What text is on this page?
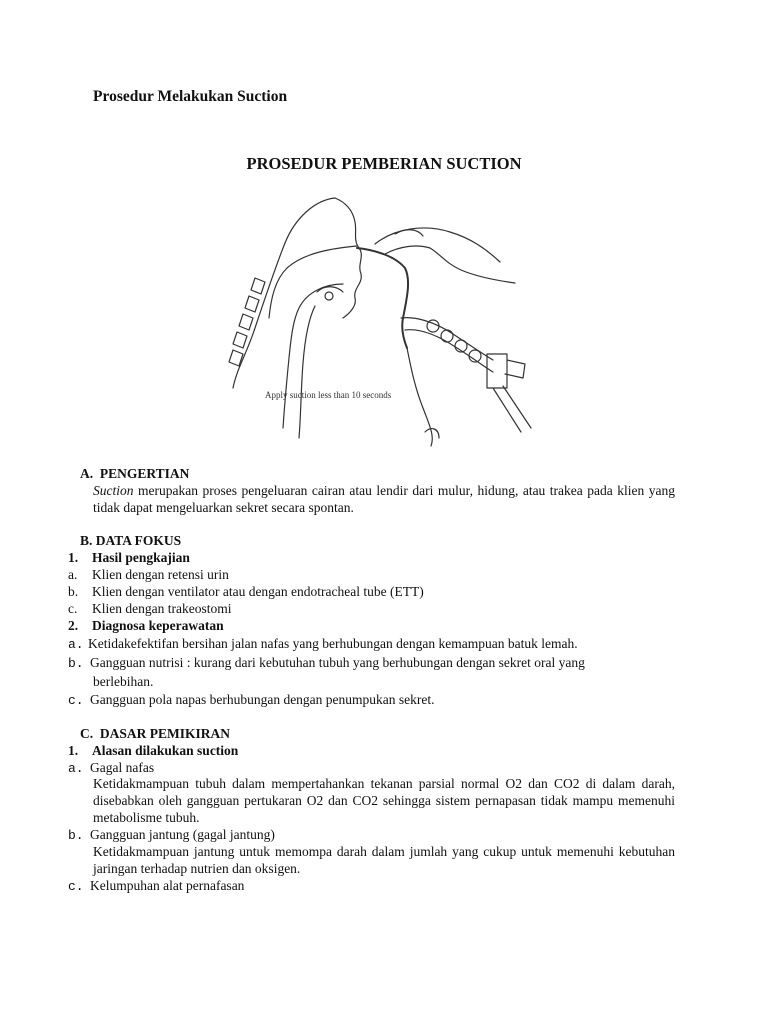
Prosedur Melakukan Suction
PROSEDUR PEMBERIAN SUCTION
Apply suction less than 10 seconds
A.  PENGERTIAN
Suction merupakan proses pengeluaran cairan atau lendir dari mulur, hidung, atau trakea pada klien yang tidak dapat mengeluarkan sekret secara spontan.
B. DATA FOKUS
1. Hasil pengkajian
a. Klien dengan retensi urin
b. Klien dengan ventilator atau dengan endotracheal tube (ETT)
c. Klien dengan trakeostomi
2. Diagnosa keperawatan
a. Ketidakefektifan bersihan jalan nafas yang berhubungan dengan kemampuan batuk lemah.
b. Gangguan nutrisi : kurang dari kebutuhan tubuh yang berhubungan dengan sekret oral yang
berlebihan.
c. Gangguan pola napas berhubungan dengan penumpukan sekret.
C.  DASAR PEMIKIRAN
1. Alasan dilakukan suction
a. Gagal nafas
Ketidakmampuan tubuh dalam mempertahankan tekanan parsial normal O2 dan CO2 di dalam darah, disebabkan oleh gangguan pertukaran O2 dan CO2 sehingga sistem pernapasan tidak mampu memenuhi metabolisme tubuh.
b. Gangguan jantung (gagal jantung)
Ketidakmampuan jantung untuk memompa darah dalam jumlah yang cukup untuk memenuhi kebutuhan jaringan terhadap nutrien dan oksigen.
c. Kelumpuhan alat pernafasan
